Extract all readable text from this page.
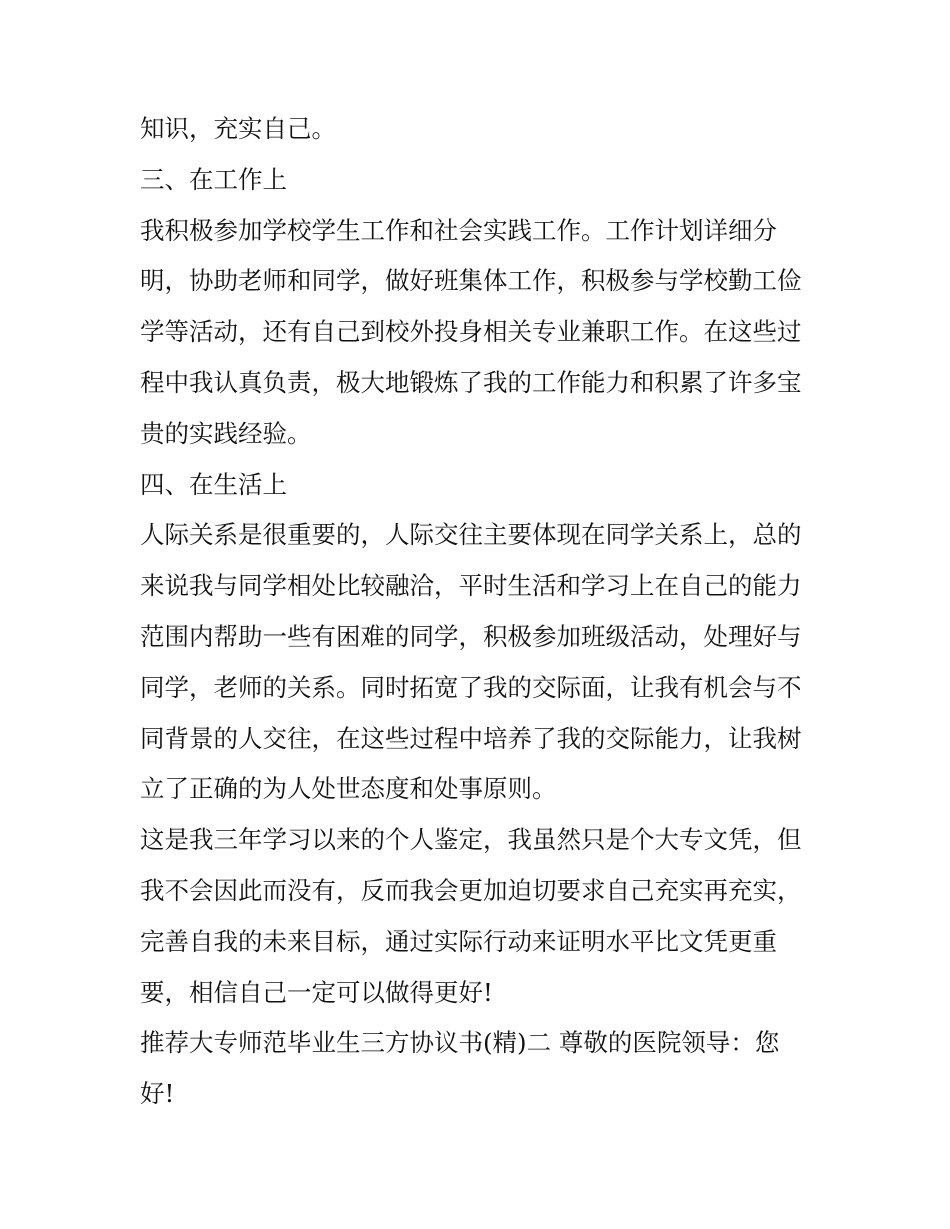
知识，充实自己。
三、在工作上
我积极参加学校学生工作和社会实践工作。工作计划详细分
明，协助老师和同学，做好班集体工作，积极参与学校勤工俭
学等活动，还有自己到校外投身相关专业兼职工作。在这些过
程中我认真负责，极大地锻炼了我的工作能力和积累了许多宝
贵的实践经验。
四、在生活上
人际关系是很重要的，人际交往主要体现在同学关系上，总的
来说我与同学相处比较融洽，平时生活和学习上在自己的能力
范围内帮助一些有困难的同学，积极参加班级活动，处理好与
同学，老师的关系。同时拓宽了我的交际面，让我有机会与不
同背景的人交往，在这些过程中培养了我的交际能力，让我树
立了正确的为人处世态度和处事原则。
这是我三年学习以来的个人鉴定，我虽然只是个大专文凭，但
我不会因此而没有，反而我会更加迫切要求自己充实再充实，
完善自我的未来目标，通过实际行动来证明水平比文凭更重
要，相信自己一定可以做得更好!
推荐大专师范毕业生三方协议书(精)二 尊敬的医院领导：您
好!
